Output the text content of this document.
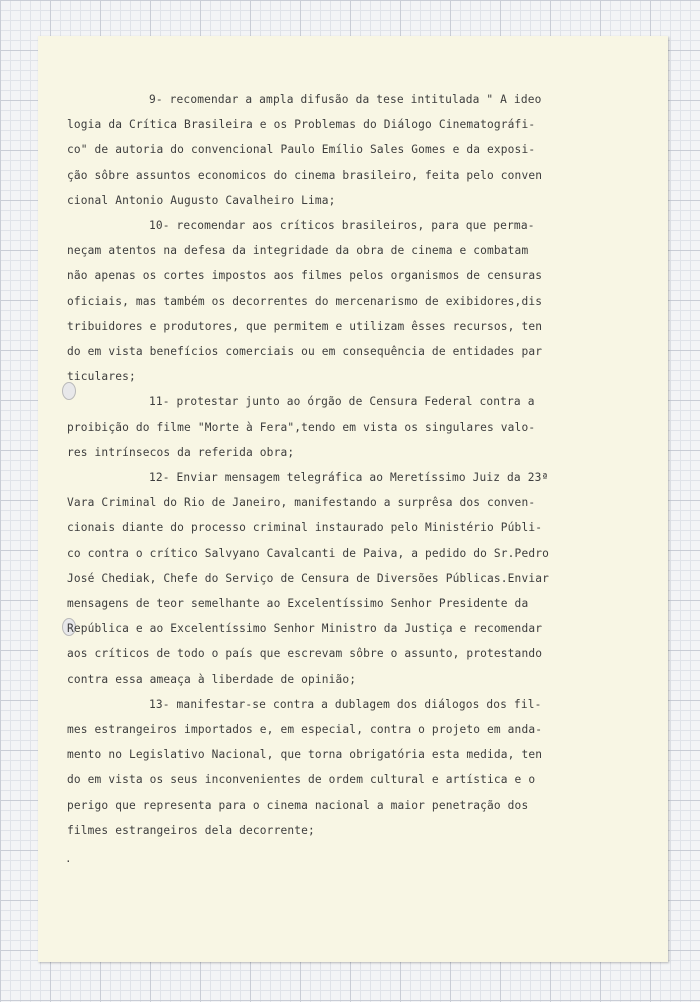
9- recomendar a ampla difusão da tese intitulada " A ideo
logia da Crítica Brasileira e os Problemas do Diálogo Cinematográfi-
co" de autoria do convencional Paulo Emílio Sales Gomes e da exposi-
ção sôbre assuntos economicos do cinema brasileiro, feita pelo conven
cional Antonio Augusto Cavalheiro Lima;

10- recomendar aos críticos brasileiros, para que perma-
neçam atentos na defesa da integridade da obra de cinema e combatam
não apenas os cortes impostos aos filmes pelos organismos de censuras
oficiais, mas também os decorrentes do mercenarismo de exibidores,dis
tribuidores e produtores, que permitem e utilizam êsses recursos, ten
do em vista benefícios comerciais ou em consequência de entidades par
ticulares;

11- protestar junto ao órgão de Censura Federal contra a
proibição do filme "Morte à Fera",tendo em vista os singulares valo-
res intrínsecos da referida obra;

12- Enviar mensagem telegráfica ao Meretíssimo Juiz da 23ª
Vara Criminal do Rio de Janeiro, manifestando a surprêsa dos conven-
cionais diante do processo criminal instaurado pelo Ministério Públi-
co contra o crítico Salvyano Cavalcanti de Paiva, a pedido do Sr.Pedro
José Chediak, Chefe do Serviço de Censura de Diversões Públicas.Enviar
mensagens de teor semelhante ao Excelentíssimo Senhor Presidente da
República e ao Excelentíssimo Senhor Ministro da Justiça e recomendar
aos críticos de todo o país que escrevam sôbre o assunto, protestando
contra essa ameaça à liberdade de opinião;

13- manifestar-se contra a dublagem dos diálogos dos fil-
mes estrangeiros importados e, em especial, contra o projeto em anda-
mento no Legislativo Nacional, que torna obrigatória esta medida, ten
do em vista os seus inconvenientes de ordem cultural e artística e o
perigo que representa para o cinema nacional a maior penetração dos
filmes estrangeiros dela decorrente;

.
